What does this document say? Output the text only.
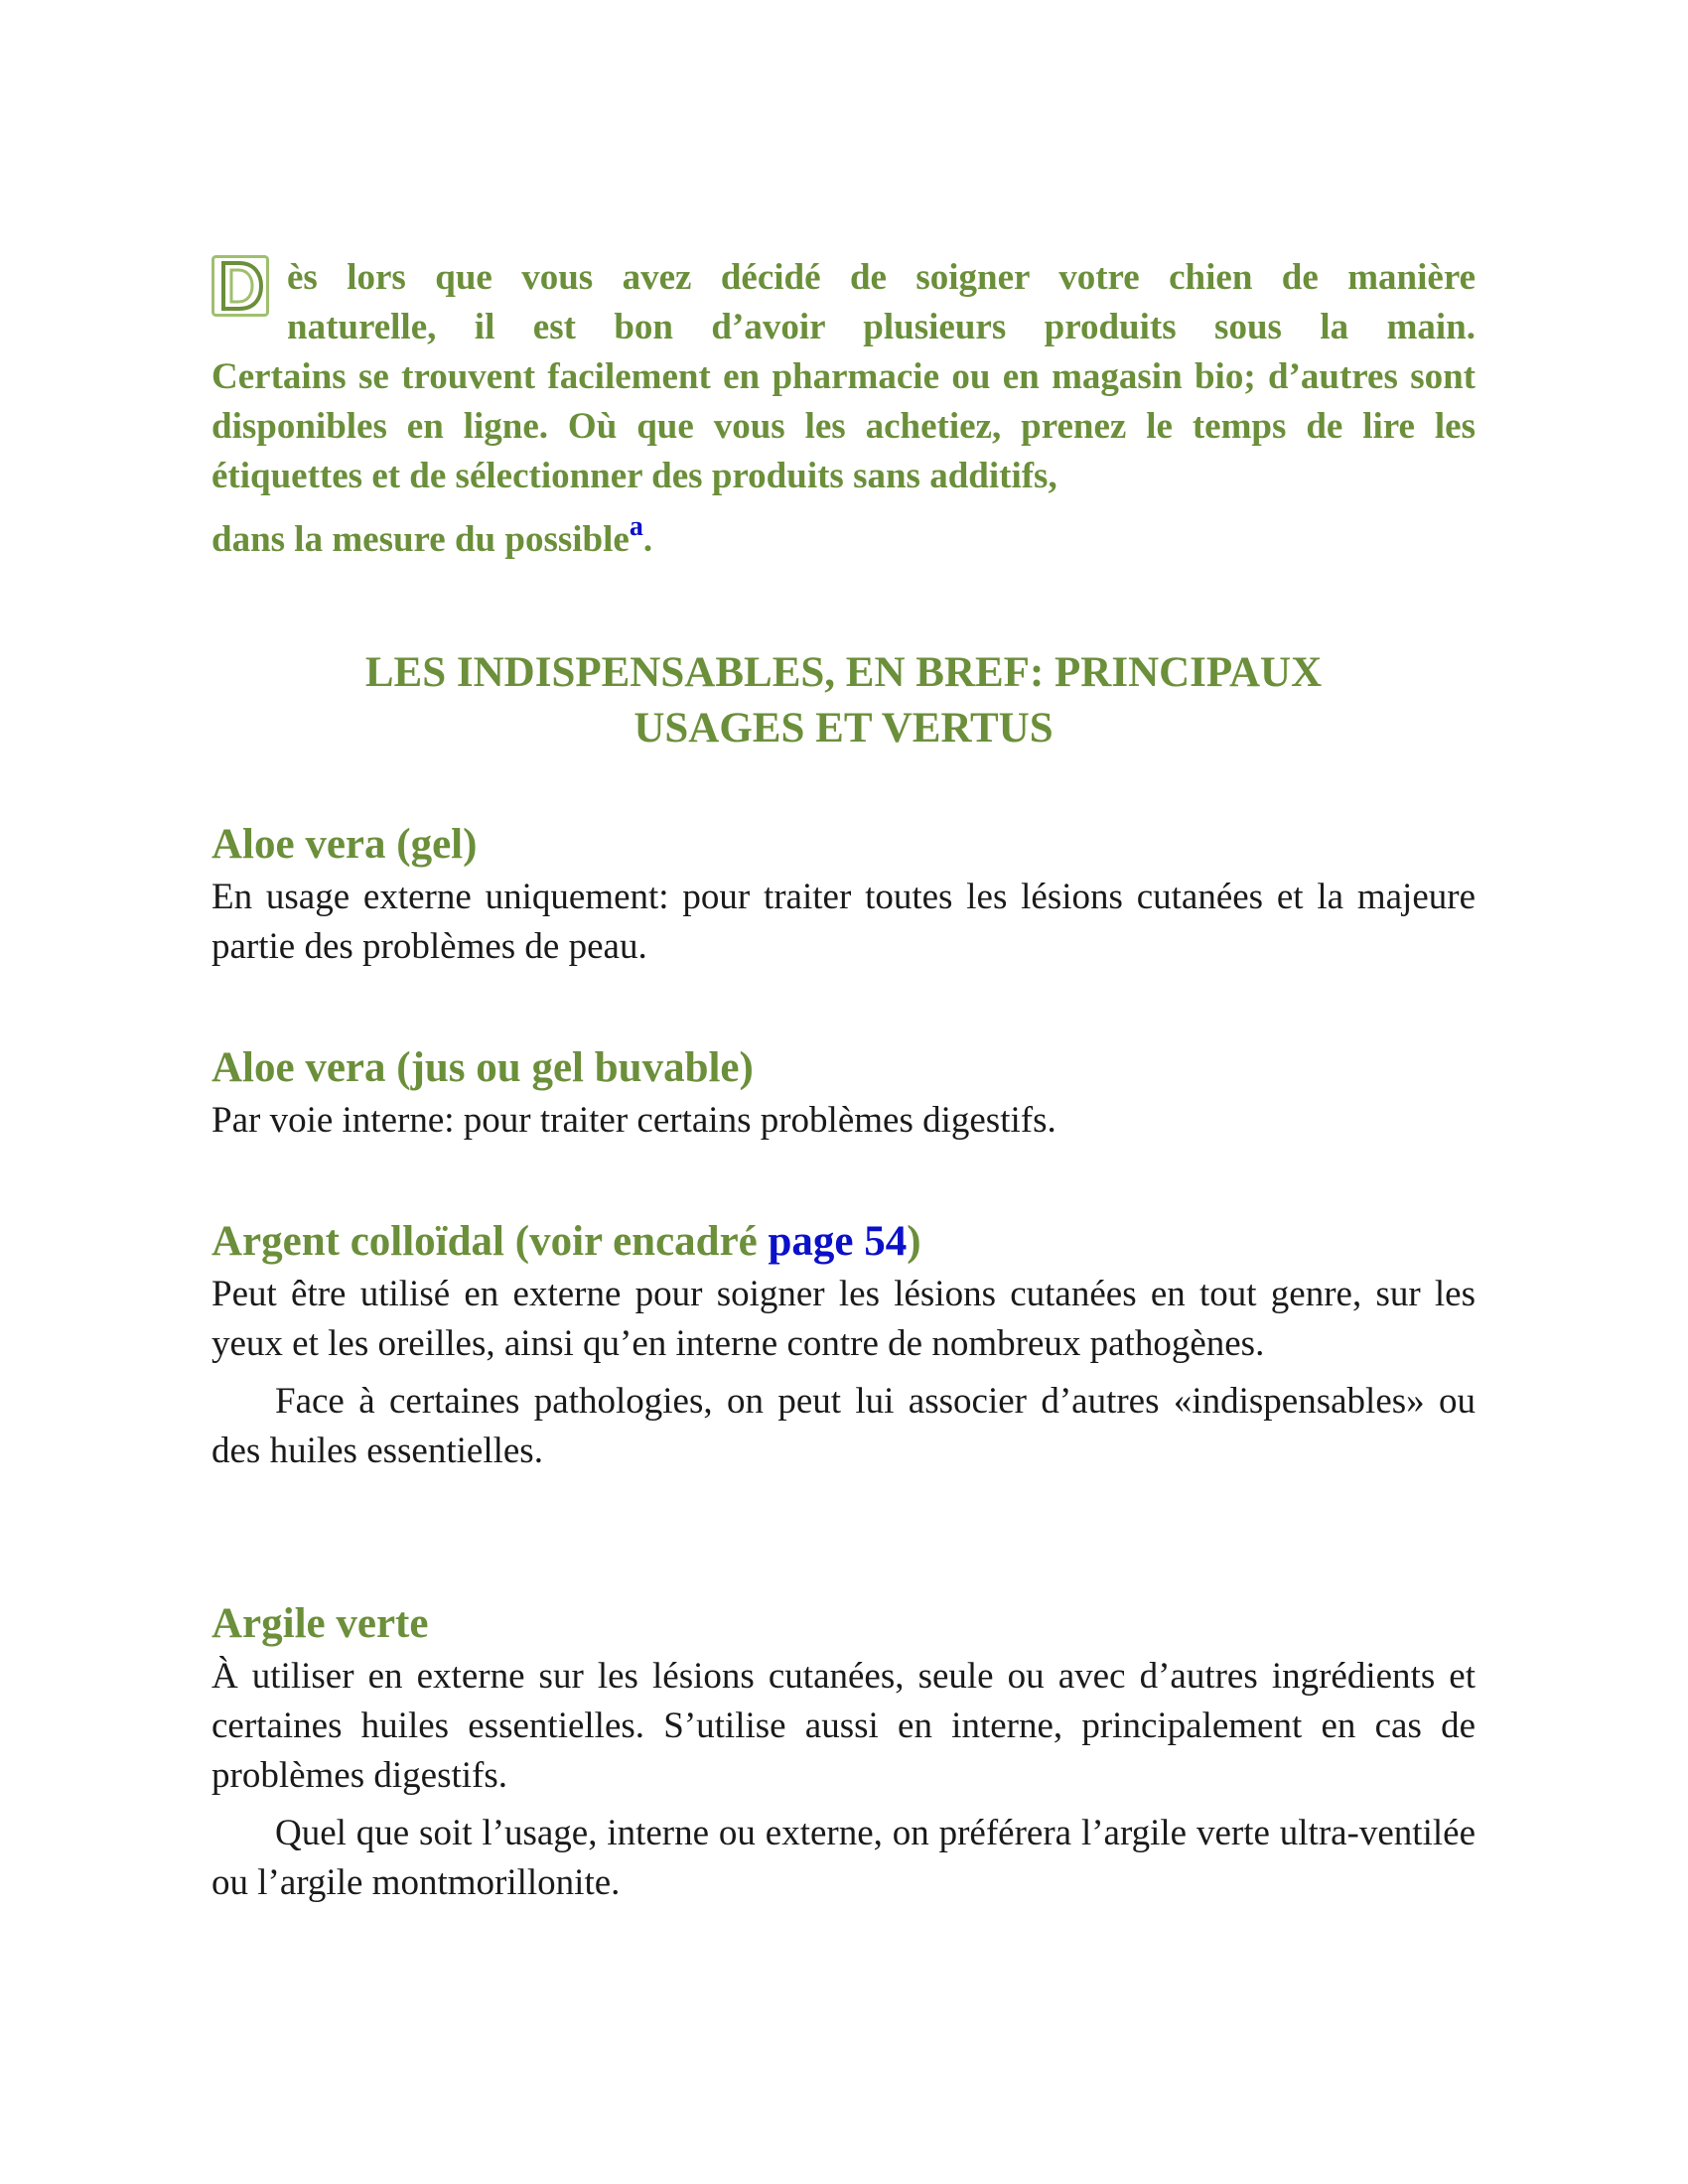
ès lors que vous avez décidé de soigner votre chien de manière
naturelle, il est bon d’avoir plusieurs produits sous la main.
Certains se trouvent facilement en pharmacie ou en magasin bio; d’autres sont disponibles en ligne. Où que vous les achetiez, prenez le temps de lire les étiquettes et de sélectionner des produits sans additifs,
dans la mesure du possible$^a$.

LES INDISPENSABLES, EN BREF: PRINCIPAUX
USAGES ET VERTUS
Aloe vera (gel)

En usage externe uniquement: pour traiter toutes les lésions cutanées et la majeure partie des problèmes de peau.

Aloe vera (jus ou gel buvable)

Par voie interne: pour traiter certains problèmes digestifs.

Argent colloïdal (voir encadré page 54)

Peut être utilisé en externe pour soigner les lésions cutanées en tout genre, sur les yeux et les oreilles, ainsi qu’en interne contre de nombreux pathogènes.

Face à certaines pathologies, on peut lui associer d’autres «indispensables» ou des huiles essentielles.

Argile verte

À utiliser en externe sur les lésions cutanées, seule ou avec d’autres ingrédients et certaines huiles essentielles. S’utilise aussi en interne, principalement en cas de problèmes digestifs.

Quel que soit l’usage, interne ou externe, on préférera l’argile verte ultra-ventilée ou l’argile montmorillonite.
